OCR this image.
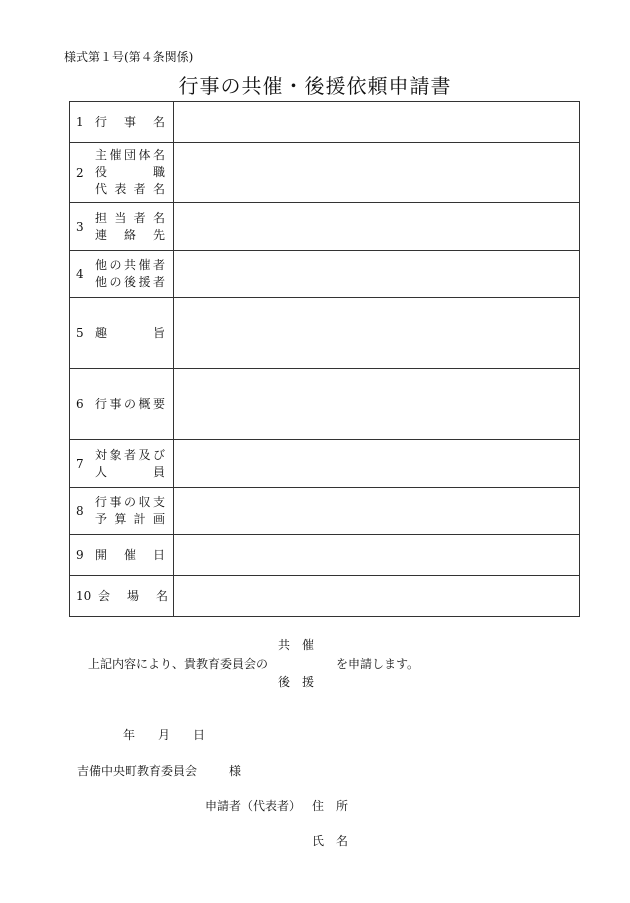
様式第１号(第４条関係)
行事の共催・後援依頼申請書
1 行事名	

2
主催団体名
役職
代表者名	

3
担当者名
連絡先	

4
他の共催者
他の後援者	

5 趣旨	

6 行事の概要	

7
対象者及び
人員	

8
行事の収支
予算計画	

9 開催日	

10 会場名	

共　催
上記内容により、貴教育委員会の	を申請します。
後　援
年 月 日
吉備中央町教育委員会	様
申請者（代表者） 住　所
氏　名
